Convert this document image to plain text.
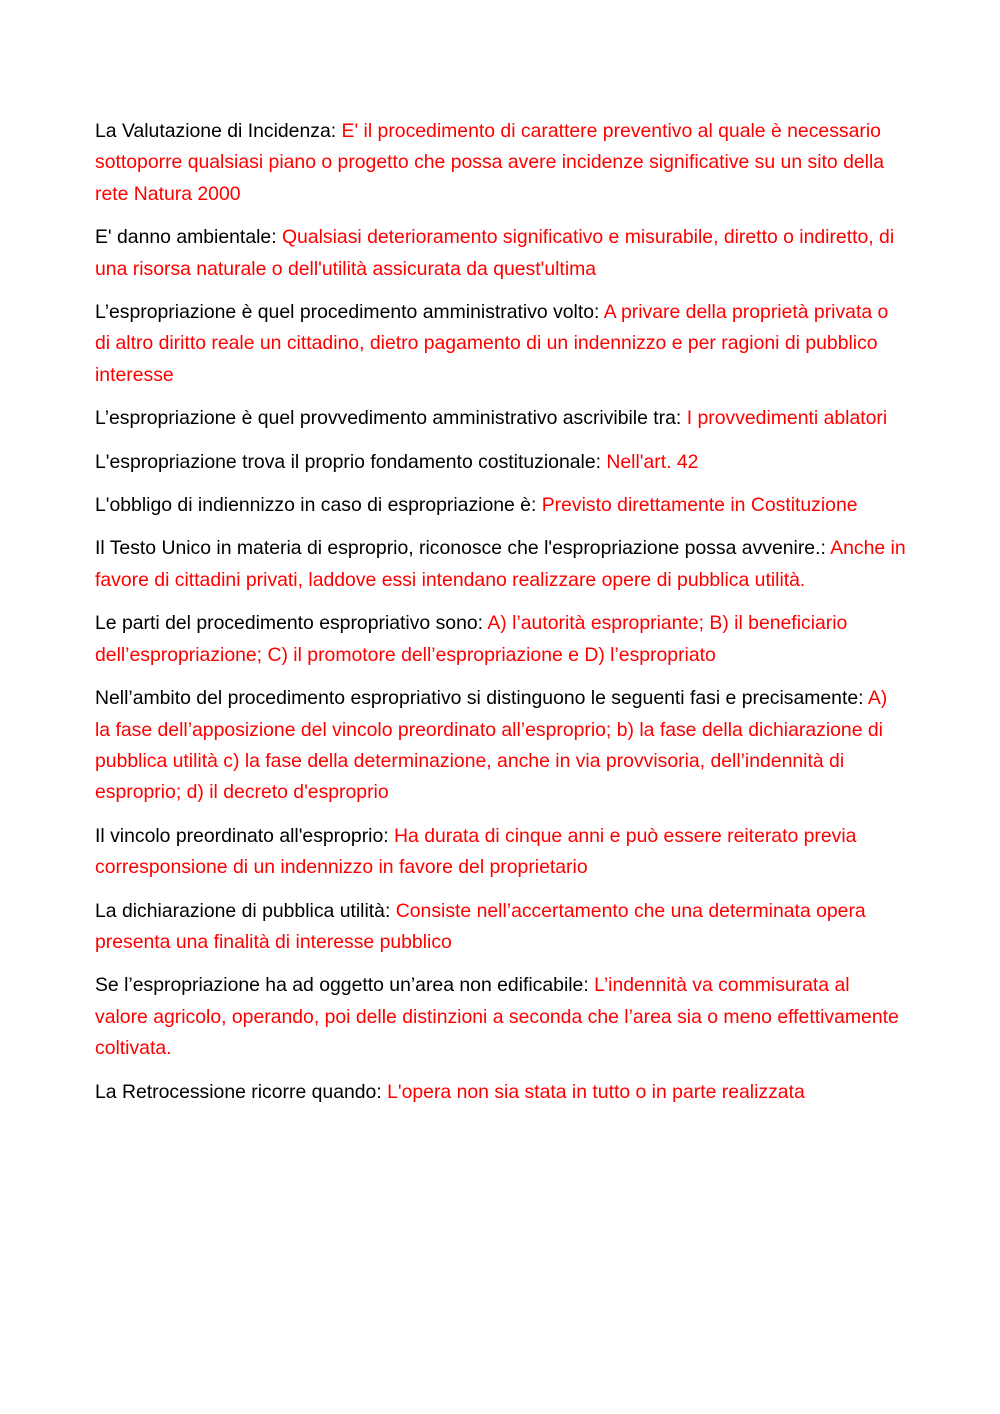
La Valutazione di Incidenza: E' il procedimento di carattere preventivo al quale è necessario sottoporre qualsiasi piano o progetto che possa avere incidenze significative su un sito della rete Natura 2000

E' danno ambientale: Qualsiasi deterioramento significativo e misurabile, diretto o indiretto, di una risorsa naturale o dell'utilità assicurata da quest'ultima

L’espropriazione è quel procedimento amministrativo volto: A privare della proprietà privata o di altro diritto reale un cittadino, dietro pagamento di un indennizzo e per ragioni di pubblico interesse

L’espropriazione è quel provvedimento amministrativo ascrivibile tra: I provvedimenti ablatori

L'espropriazione trova il proprio fondamento costituzionale: Nell'art. 42

L'obbligo di indiennizzo in caso di espropriazione è: Previsto direttamente in Costituzione

Il Testo Unico in materia di esproprio, riconosce che l'espropriazione possa avvenire.: Anche in favore di cittadini privati, laddove essi intendano realizzare opere di pubblica utilità.

Le parti del procedimento espropriativo sono: A) l’autorità espropriante; B) il beneficiario dell’espropriazione; C) il promotore dell’espropriazione e D) l’espropriato

Nell’ambito del procedimento espropriativo si distinguono le seguenti fasi e precisamente: A) la fase dell’apposizione del vincolo preordinato all’esproprio; b) la fase della dichiarazione di pubblica utilità c) la fase della determinazione, anche in via provvisoria, dell’indennità di esproprio; d) il decreto d'esproprio

Il vincolo preordinato all'esproprio: Ha durata di cinque anni e può essere reiterato previa corresponsione di un indennizzo in favore del proprietario

La dichiarazione di pubblica utilità: Consiste nell’accertamento che una determinata opera presenta una finalità di interesse pubblico

Se l’espropriazione ha ad oggetto un’area non edificabile: L’indennità va commisurata al valore agricolo, operando, poi delle distinzioni a seconda che l’area sia o meno effettivamente coltivata.

La Retrocessione ricorre quando: L'opera non sia stata in tutto o in parte realizzata
